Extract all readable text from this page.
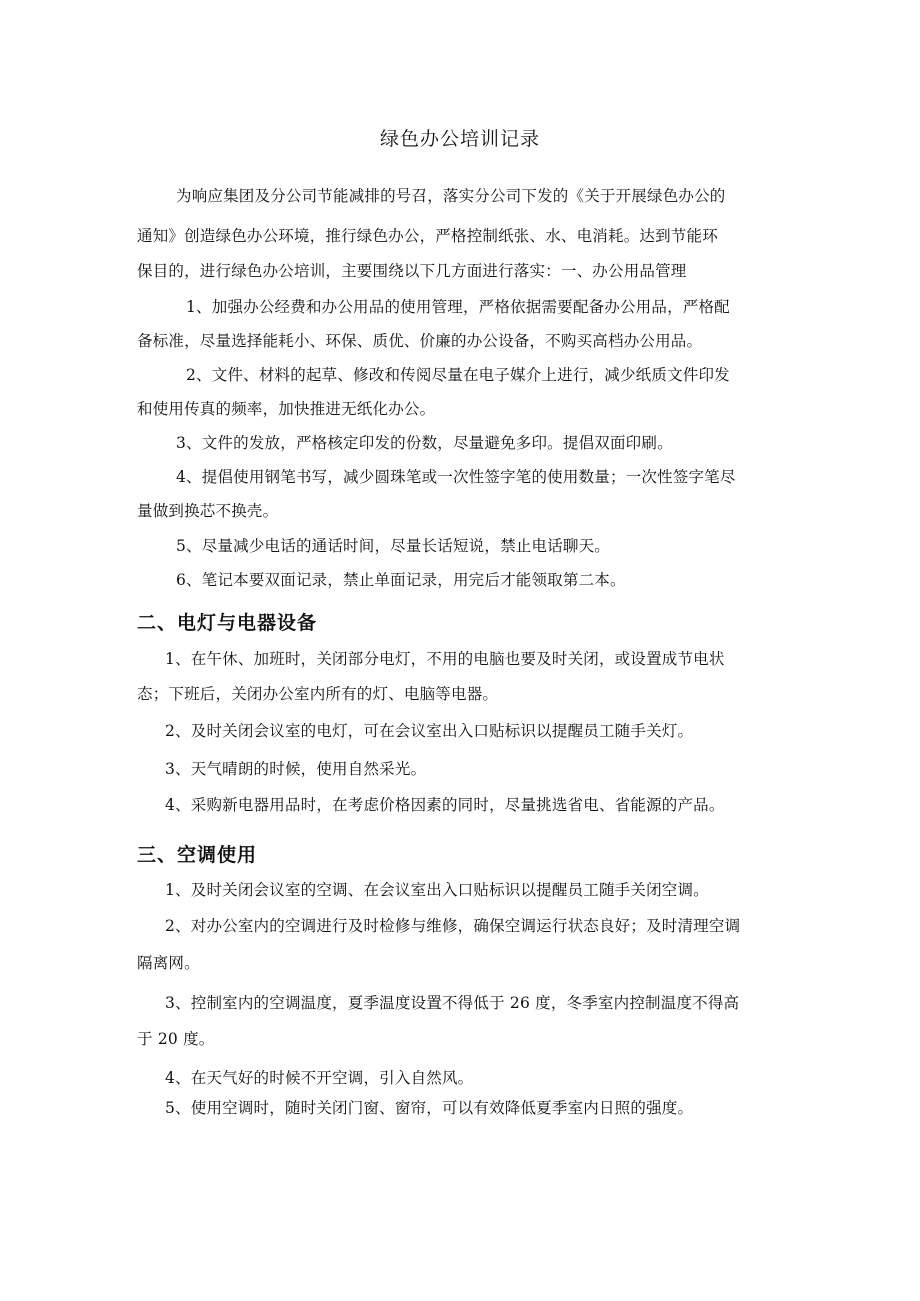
绿色办公培训记录
为响应集团及分公司节能减排的号召，落实分公司下发的《关于开展绿色办公的
通知》创造绿色办公环境，推行绿色办公，严格控制纸张、水、电消耗。达到节能环
保目的，进行绿色办公培训，主要围绕以下几方面进行落实：一、办公用品管理
1、加强办公经费和办公用品的使用管理，严格依据需要配备办公用品，严格配
备标准，尽量选择能耗小、环保、质优、价廉的办公设备，不购买高档办公用品。
2、文件、材料的起草、修改和传阅尽量在电子媒介上进行，减少纸质文件印发
和使用传真的频率，加快推进无纸化办公。
3、文件的发放，严格核定印发的份数，尽量避免多印。提倡双面印刷。
4、提倡使用钢笔书写，减少圆珠笔或一次性签字笔的使用数量；一次性签字笔尽
量做到换芯不换壳。
5、尽量减少电话的通话时间，尽量长话短说，禁止电话聊天。
6、笔记本要双面记录，禁止单面记录，用完后才能领取第二本。
二、电灯与电器设备
1、在午休、加班时，关闭部分电灯，不用的电脑也要及时关闭，或设置成节电状
态；下班后，关闭办公室内所有的灯、电脑等电器。
2、及时关闭会议室的电灯，可在会议室出入口贴标识以提醒员工随手关灯。
3、天气晴朗的时候，使用自然采光。
4、采购新电器用品时，在考虑价格因素的同时，尽量挑选省电、省能源的产品。
三、空调使用
1、及时关闭会议室的空调、在会议室出入口贴标识以提醒员工随手关闭空调。
2、对办公室内的空调进行及时检修与维修，确保空调运行状态良好；及时清理空调
隔离网。
3、控制室内的空调温度，夏季温度设置不得低于 26 度，冬季室内控制温度不得高
于 20 度。
4、在天气好的时候不开空调，引入自然风。
5、使用空调时，随时关闭门窗、窗帘，可以有效降低夏季室内日照的强度。
